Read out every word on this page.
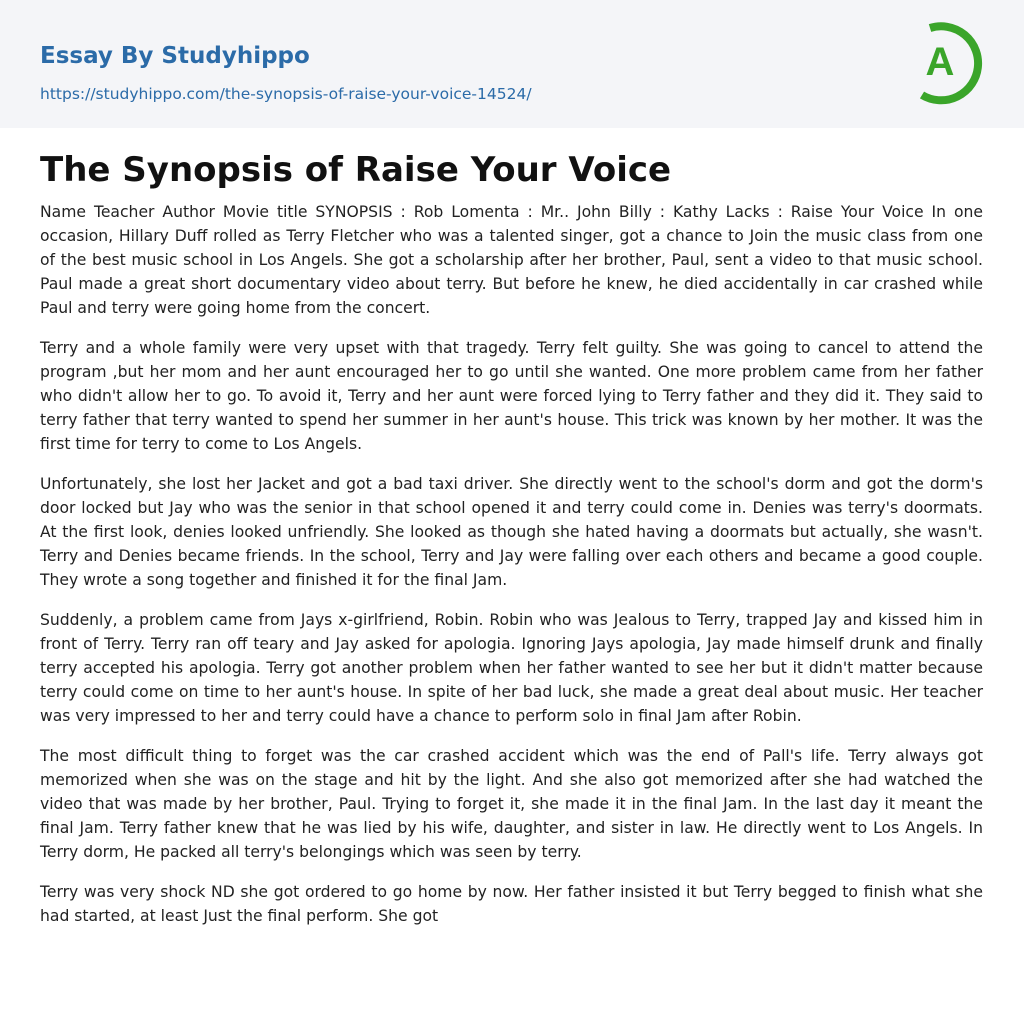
Essay By Studyhippo
https://studyhippo.com/the-synopsis-of-raise-your-voice-14524/
A
The Synopsis of Raise Your Voice

Name Teacher Author Movie title SYNOPSIS : Rob Lomenta : Mr.. John Billy : Kathy Lacks : Raise Your Voice In one occasion, Hillary Duff rolled as Terry Fletcher who was a talented singer, got a chance to Join the music class from one of the best music school in Los Angels. She got a scholarship after her brother, Paul, sent a video to that music school. Paul made a great short documentary video about terry. But before he knew, he died accidentally in car crashed while Paul and terry were going home from the concert.

Terry and a whole family were very upset with that tragedy. Terry felt guilty. She was going to cancel to attend the program ,but her mom and her aunt encouraged her to go until she wanted. One more problem came from her father who didn't allow her to go. To avoid it, Terry and her aunt were forced lying to Terry father and they did it. They said to terry father that terry wanted to spend her summer in her aunt's house. This trick was known by her mother. It was the first time for terry to come to Los Angels.

Unfortunately, she lost her Jacket and got a bad taxi driver. She directly went to the school's dorm and got the dorm's door locked but Jay who was the senior in that school opened it and terry could come in. Denies was terry's doormats. At the first look, denies looked unfriendly. She looked as though she hated having a doormats but actually, she wasn't. Terry and Denies became friends. In the school, Terry and Jay were falling over each others and became a good couple. They wrote a song together and finished it for the final Jam.

Suddenly, a problem came from Jays x-girlfriend, Robin. Robin who was Jealous to Terry, trapped Jay and kissed him in front of Terry. Terry ran off teary and Jay asked for apologia. Ignoring Jays apologia, Jay made himself drunk and finally terry accepted his apologia. Terry got another problem when her father wanted to see her but it didn't matter because terry could come on time to her aunt's house. In spite of her bad luck, she made a great deal about music. Her teacher was very impressed to her and terry could have a chance to perform solo in final Jam after Robin.

The most difficult thing to forget was the car crashed accident which was the end of Pall's life. Terry always got memorized when she was on the stage and hit by the light. And she also got memorized after she had watched the video that was made by her brother, Paul. Trying to forget it, she made it in the final Jam. In the last day it meant the final Jam. Terry father knew that he was lied by his wife, daughter, and sister in law. He directly went to Los Angels. In Terry dorm, He packed all terry's belongings which was seen by terry.

Terry was very shock ND she got ordered to go home by now. Her father insisted it but Terry begged to finish what she had started, at least Just the final perform. She got
